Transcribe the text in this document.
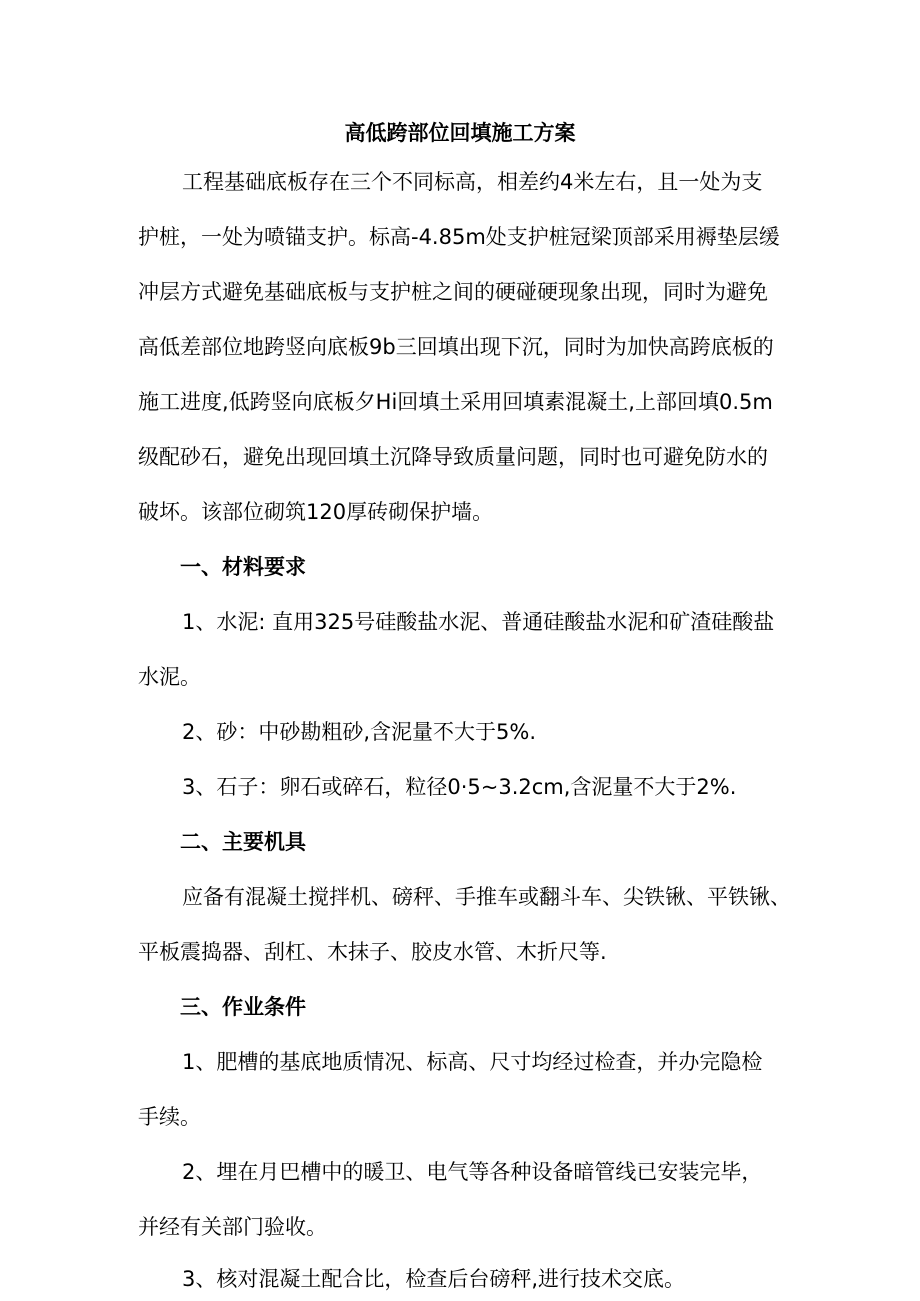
高低跨部位回填施工方案
工程基础底板存在三个不同标高，相差约4米左右，且一处为支
护桩，一处为喷锚支护。标高-4.85m处支护桩冠梁顶部采用褥垫层缓
冲层方式避免基础底板与支护桩之间的硬碰硬现象出现，同时为避免
高低差部位地跨竖向底板9b三回填出现下沉，同时为加快高跨底板的
施工进度,低跨竖向底板夕Hi回填土采用回填素混凝土,上部回填0.5m
级配砂石，避免出现回填土沉降导致质量问题，同时也可避免防水的
破坏。该部位砌筑120厚砖砌保护墙。
一、材料要求
1、水泥: 直用325号硅酸盐水泥、普通硅酸盐水泥和矿渣硅酸盐
水泥。
2、砂：中砂勘粗砂,含泥量不大于5%.
3、石子：卵石或碎石，粒径0·5~3.2cm,含泥量不大于2%.
二、主要机具
应备有混凝土搅拌机、磅秤、手推车或翻斗车、尖铁锹、平铁锹、
平板震捣器、刮杠、木抹子、胶皮水管、木折尺等.
三、作业条件
1、肥槽的基底地质情况、标高、尺寸均经过检查，并办完隐检
手续。
2、埋在月巴槽中的暖卫、电气等各种设备暗管线已安装完毕，
并经有关部门验收。
3、核对混凝土配合比，检查后台磅秤,进行技术交底。
